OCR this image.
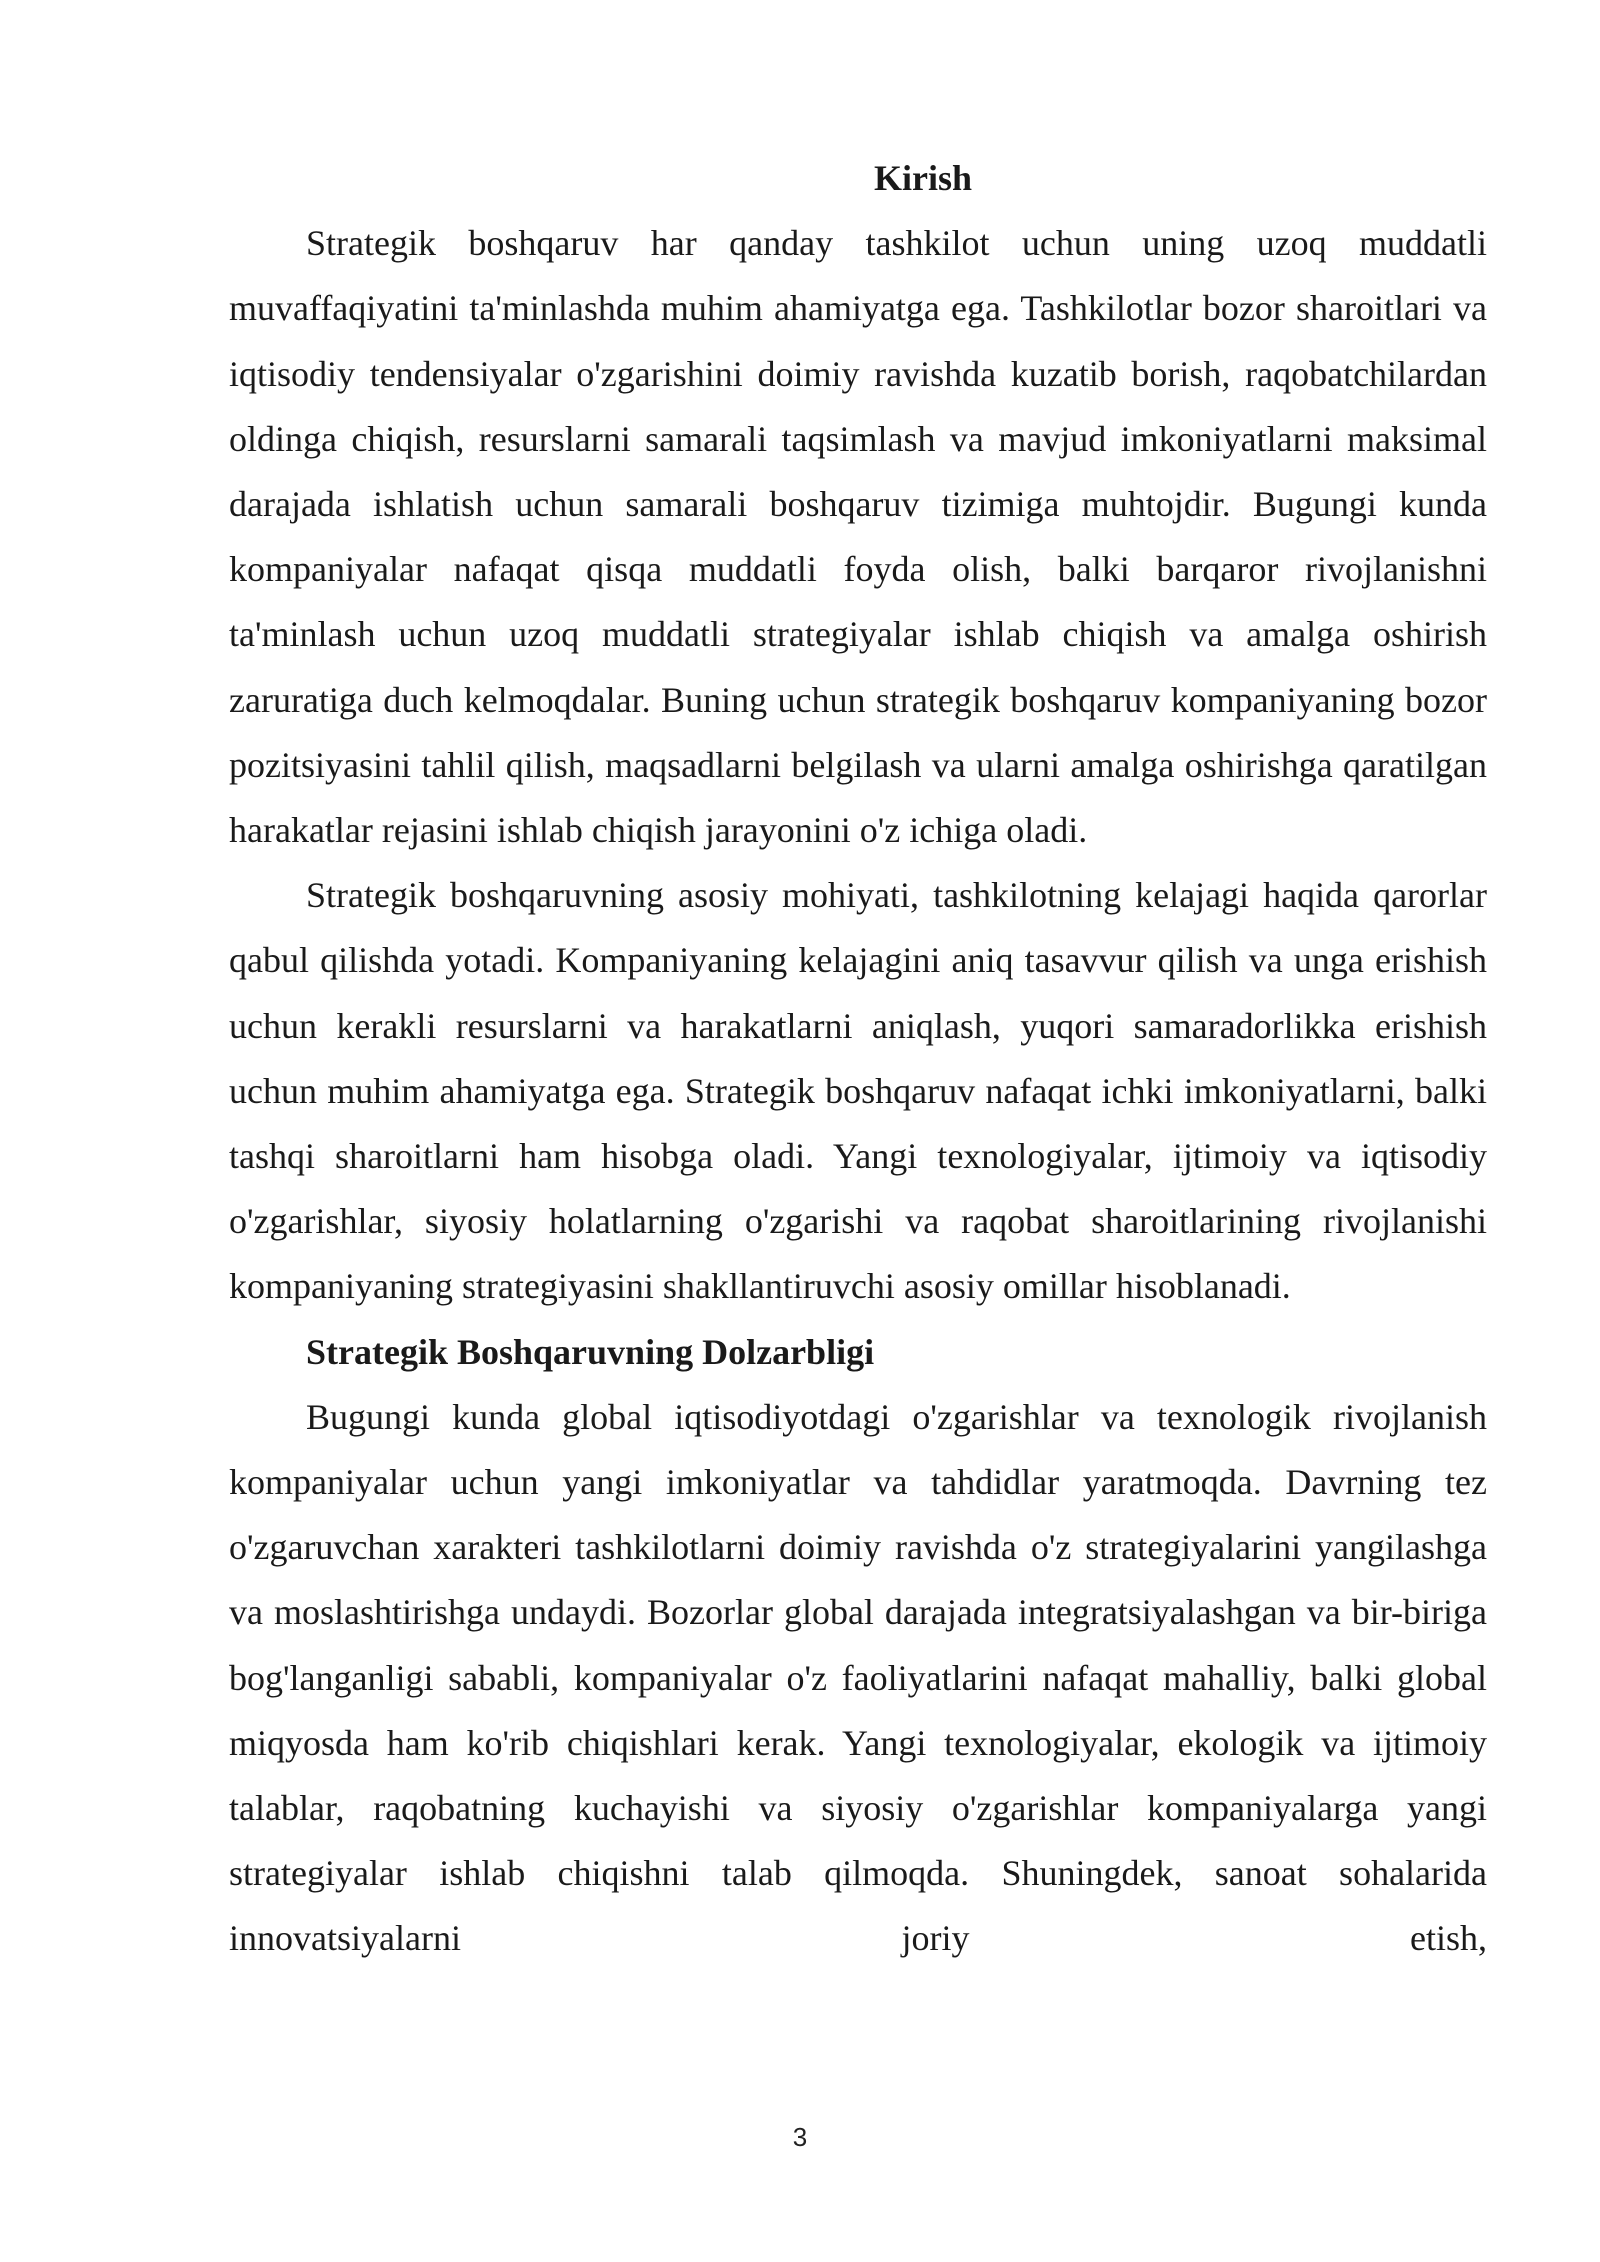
Kirish

Strategik boshqaruv har qanday tashkilot uchun uning uzoq muddatli muvaffaqiyatini ta'minlashda muhim ahamiyatga ega. Tashkilotlar bozor sharoitlari va iqtisodiy tendensiyalar o'zgarishini doimiy ravishda kuzatib borish, raqobatchilardan oldinga chiqish, resurslarni samarali taqsimlash va mavjud imkoniyatlarni maksimal darajada ishlatish uchun samarali boshqaruv tizimiga muhtojdir. Bugungi kunda kompaniyalar nafaqat qisqa muddatli foyda olish, balki barqaror rivojlanishni ta'minlash uchun uzoq muddatli strategiyalar ishlab chiqish va amalga oshirish zaruratiga duch kelmoqdalar. Buning uchun strategik boshqaruv kompaniyaning bozor pozitsiyasini tahlil qilish, maqsadlarni belgilash va ularni amalga oshirishga qaratilgan harakatlar rejasini ishlab chiqish jarayonini o'z ichiga oladi.

Strategik boshqaruvning asosiy mohiyati, tashkilotning kelajagi haqida qarorlar qabul qilishda yotadi. Kompaniyaning kelajagini aniq tasavvur qilish va unga erishish uchun kerakli resurslarni va harakatlarni aniqlash, yuqori samaradorlikka erishish uchun muhim ahamiyatga ega. Strategik boshqaruv nafaqat ichki imkoniyatlarni, balki tashqi sharoitlarni ham hisobga oladi. Yangi texnologiyalar, ijtimoiy va iqtisodiy o'zgarishlar, siyosiy holatlarning o'zgarishi va raqobat sharoitlarining rivojlanishi kompaniyaning strategiyasini shakllantiruvchi asosiy omillar hisoblanadi.

Strategik Boshqaruvning Dolzarbligi

Bugungi kunda global iqtisodiyotdagi o'zgarishlar va texnologik rivojlanish kompaniyalar uchun yangi imkoniyatlar va tahdidlar yaratmoqda. Davrning tez o'zgaruvchan xarakteri tashkilotlarni doimiy ravishda o'z strategiyalarini yangilashga va moslashtirishga undaydi. Bozorlar global darajada integratsiyalashgan va bir-biriga bog'langanligi sababli, kompaniyalar o'z faoliyatlarini nafaqat mahalliy, balki global miqyosda ham ko'rib chiqishlari kerak. Yangi texnologiyalar, ekologik va ijtimoiy talablar, raqobatning kuchayishi va siyosiy o'zgarishlar kompaniyalarga yangi strategiyalar ishlab chiqishni talab qilmoqda. Shuningdek, sanoat sohalarida innovatsiyalarni joriy etish,

3
